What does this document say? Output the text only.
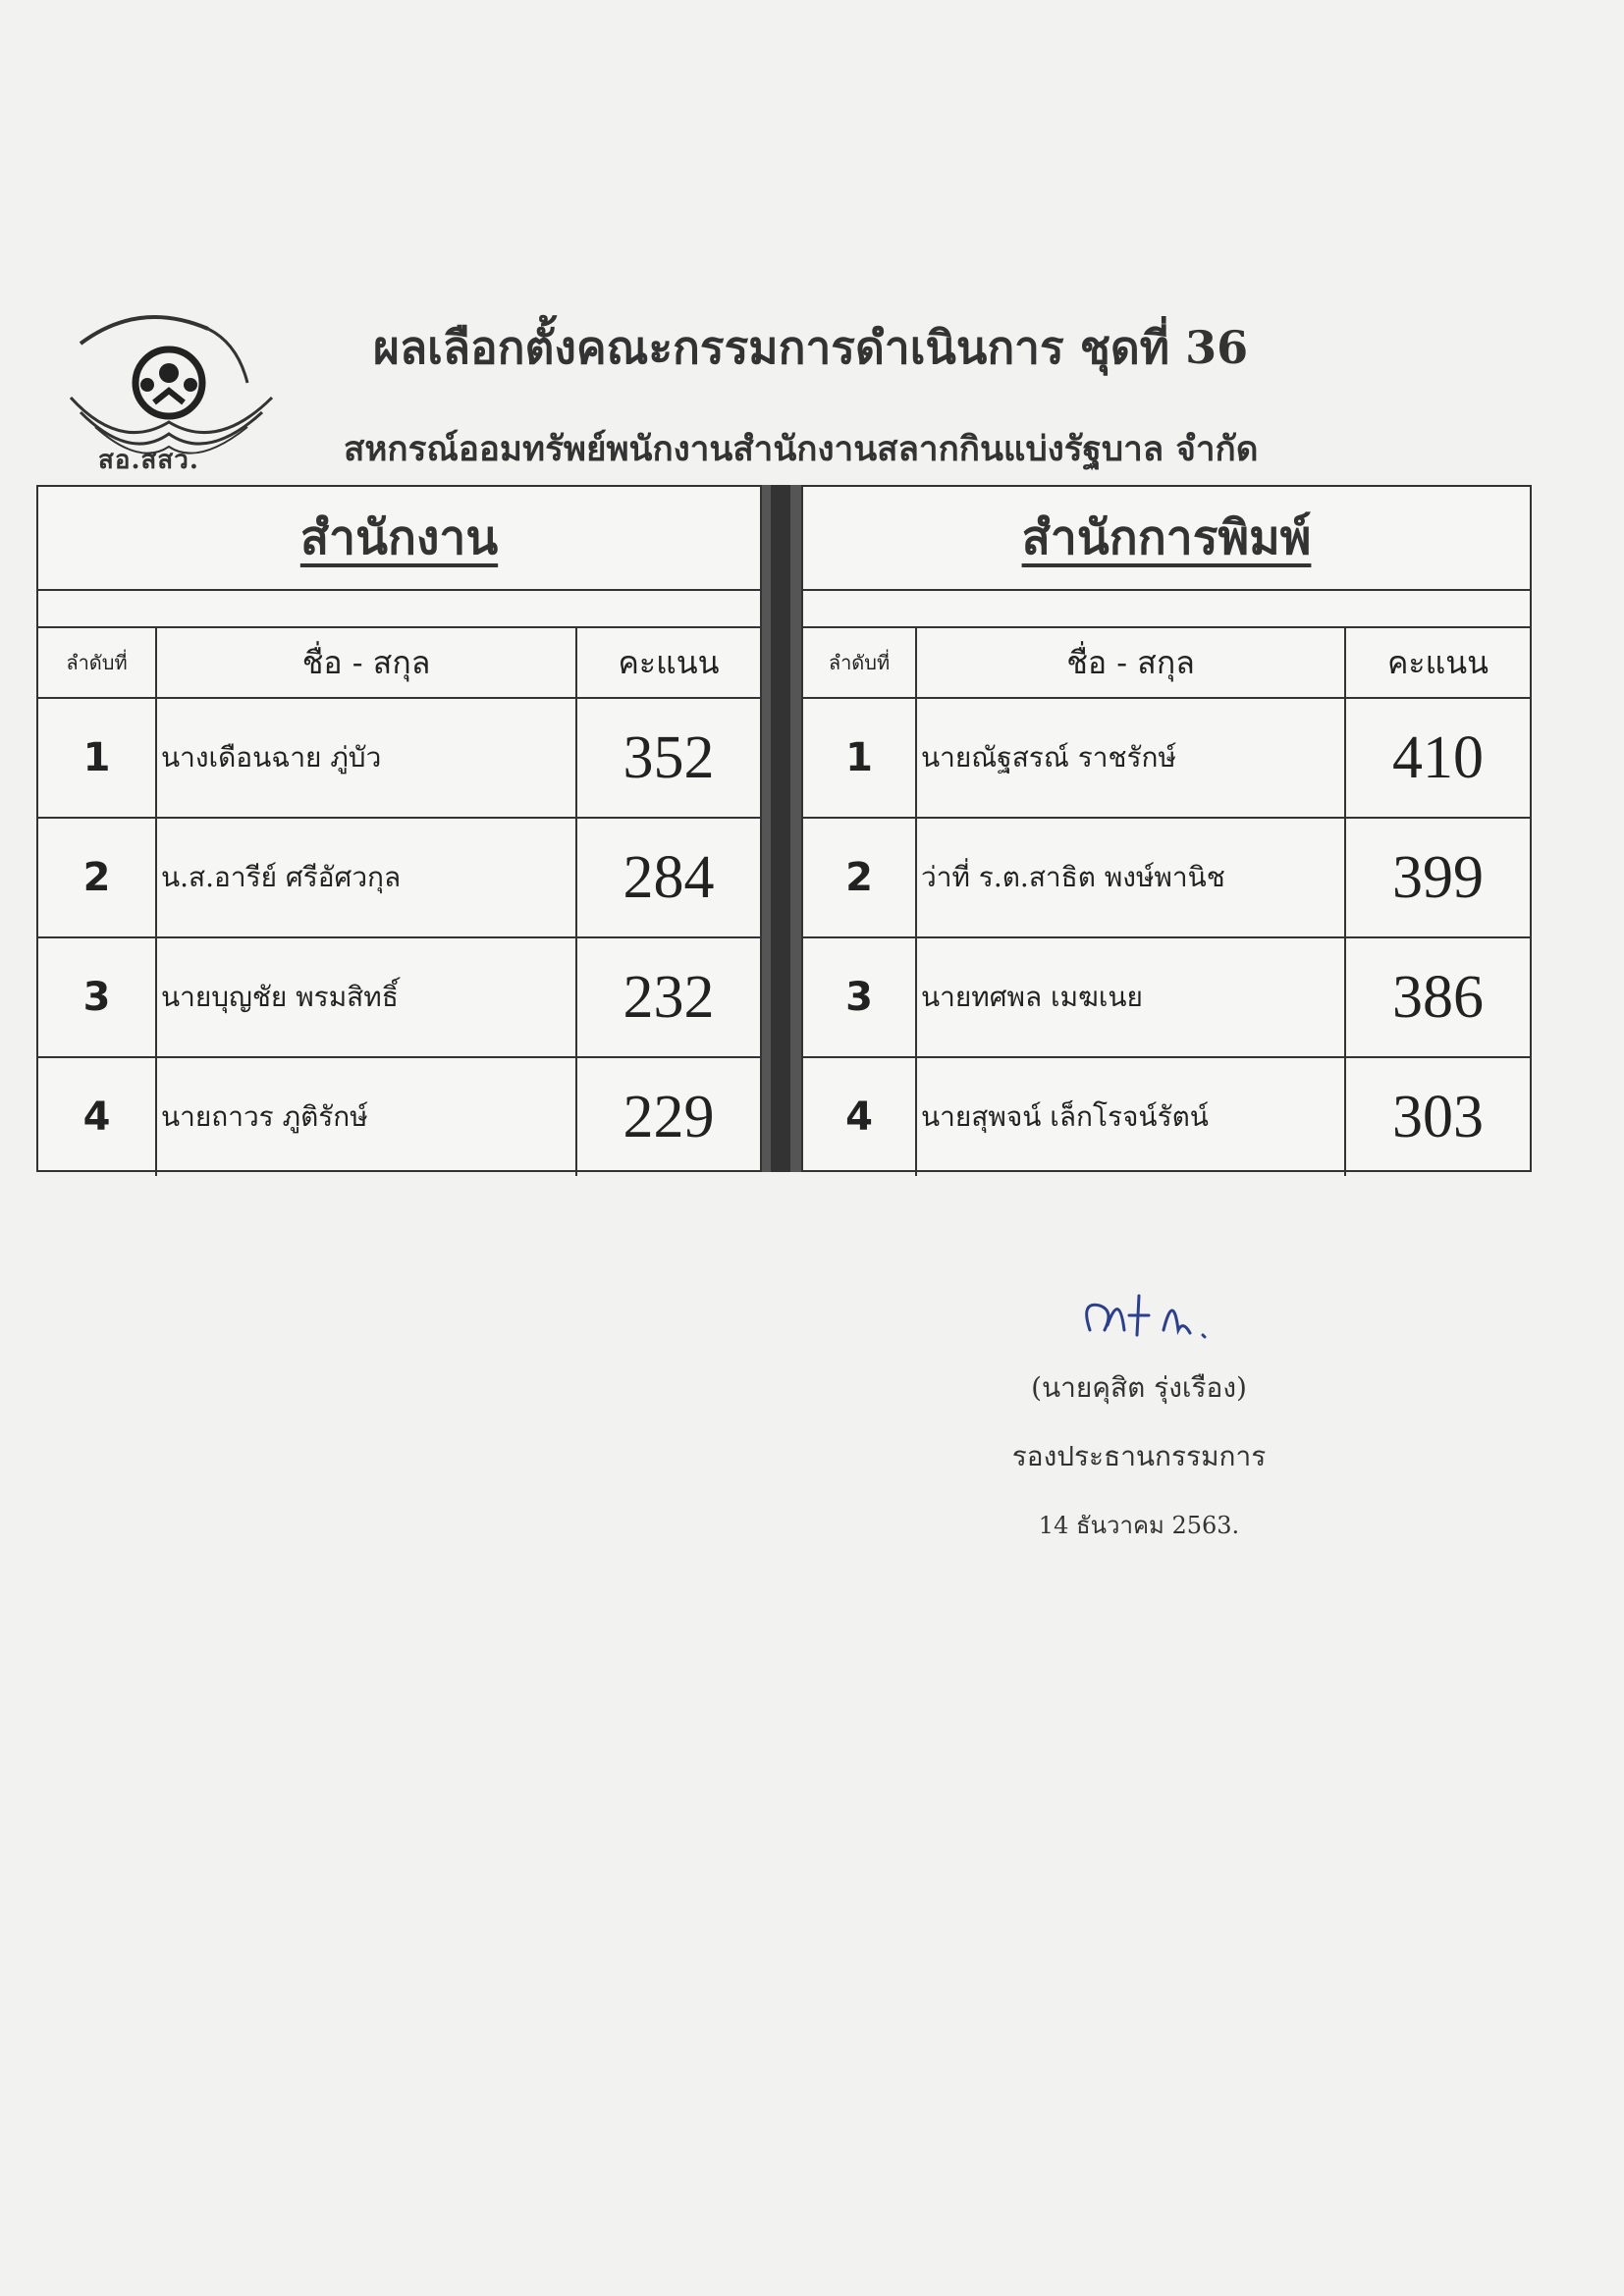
สอ.สสว.
ผลเลือกตั้งคณะกรรมการดำเนินการ ชุดที่ 36
สหกรณ์ออมทรัพย์พนักงานสำนักงานสลากกินแบ่งรัฐบาล จำกัด
สำนักงาน
ลำดับที่	ชื่อ - สกุล	คะแนน
1	นางเดือนฉาย ภู่บัว	352
2	น.ส.อารีย์ ศรีอัศวกุล	284
3	นายบุญชัย พรมสิทธิ์	232
4	นายถาวร ภูติรักษ์	229
สำนักการพิมพ์
ลำดับที่	ชื่อ - สกุล	คะแนน
1	นายณัฐสรณ์ ราชรักษ์	410
2	ว่าที่ ร.ต.สาธิต พงษ์พานิช	399
3	นายทศพล เมฆเนย	386
4	นายสุพจน์ เล็กโรจน์รัตน์	303
(นายคุสิต รุ่งเรือง)
รองประธานกรรมการ
14 ธันวาคม 2563.
